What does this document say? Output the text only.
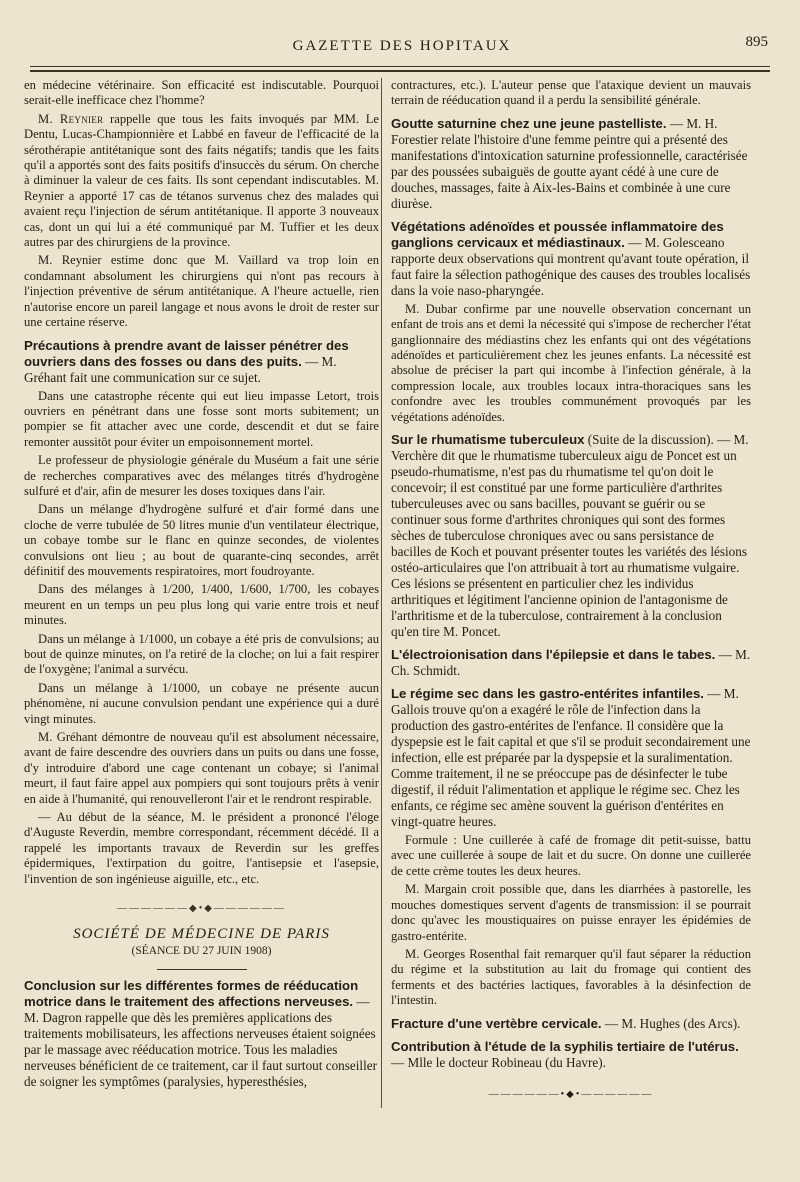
GAZETTE DES HOPITAUX	895

en médecine vétérinaire. Son efficacité est indiscutable. Pourquoi serait-elle inefficace chez l'homme?

M. Reynier rappelle que tous les faits invoqués par MM. Le Dentu, Lucas-Championnière et Labbé en faveur de l'efficacité de la sérothérapie antitétanique sont des faits négatifs; tandis que les faits qu'il a apportés sont des faits positifs d'insuccès du sérum. On cherche à diminuer la valeur de ces faits. Ils sont cependant indiscutables. M. Reynier a apporté 17 cas de tétanos survenus chez des malades qui avaient reçu l'injection de sérum antitétanique. Il apporte 3 nouveaux cas, dont un qui lui a été communiqué par M. Tuffier et les deux autres par des chirurgiens de la province.

M. Reynier estime donc que M. Vaillard va trop loin en condamnant absolument les chirurgiens qui n'ont pas recours à l'injection préventive de sérum antitétanique. A l'heure actuelle, rien n'autorise encore un pareil langage et nous avons le droit de rester sur une certaine réserve.

Précautions à prendre avant de laisser pénétrer des ouvriers dans des fosses ou dans des puits. — M. Gréhant fait une communication sur ce sujet.

Dans une catastrophe récente qui eut lieu impasse Letort, trois ouvriers en pénétrant dans une fosse sont morts subitement; un pompier se fit attacher avec une corde, descendit et dut se faire remonter aussitôt pour éviter un empoisonnement mortel.

Le professeur de physiologie générale du Muséum a fait une série de recherches comparatives avec des mélanges titrés d'hydrogène sulfuré et d'air, afin de mesurer les doses toxiques dans l'air.

Dans un mélange d'hydrogène sulfuré et d'air formé dans une cloche de verre tubulée de 50 litres munie d'un ventilateur électrique, un cobaye tombe sur le flanc en quinze secondes, de violentes convulsions ont lieu ; au bout de quarante-cinq secondes, arrêt définitif des mouvements respiratoires, mort foudroyante.

Dans des mélanges à 1/200, 1/400, 1/600, 1/700, les cobayes meurent en un temps un peu plus long qui varie entre trois et neuf minutes.

Dans un mélange à 1/1000, un cobaye a été pris de convulsions; au bout de quinze minutes, on l'a retiré de la cloche; on lui a fait respirer de l'oxygène; l'animal a survécu.

Dans un mélange à 1/1000, un cobaye ne présente aucun phénomène, ni aucune convulsion pendant une expérience qui a duré vingt minutes.

M. Gréhant démontre de nouveau qu'il est absolument nécessaire, avant de faire descendre des ouvriers dans un puits ou dans une fosse, d'y introduire d'abord une cage contenant un cobaye; si l'animal meurt, il faut faire appel aux pompiers qui sont toujours prêts à venir en aide à l'humanité, qui renouvelleront l'air et le rendront respirable.

— Au début de la séance, M. le président a prononcé l'éloge d'Auguste Reverdin, membre correspondant, récemment décédé. Il a rappelé les importants travaux de Reverdin sur les greffes épidermiques, l'extirpation du goitre, l'antisepsie et l'asepsie, l'invention de son ingénieuse aiguille, etc., etc.

——————◆•◆——————
SOCIÉTÉ DE MÉDECINE DE PARIS
(SÉANCE DU 27 JUIN 1908)
Conclusion sur les différentes formes de rééducation motrice dans le traitement des affections nerveuses. — M. Dagron rappelle que dès les premières applications des traitements mobilisateurs, les affections nerveuses étaient soignées par le massage avec rééducation motrice. Tous les maladies nerveuses bénéficient de ce traitement, car il faut surtout conseiller de soigner les symptômes (paralysies, hyperesthésies,

contractures, etc.). L'auteur pense que l'ataxique devient un mauvais terrain de rééducation quand il a perdu la sensibilité générale.

Goutte saturnine chez une jeune pastelliste. — M. H. Forestier relate l'histoire d'une femme peintre qui a présenté des manifestations d'intoxication saturnine professionnelle, caractérisée par des poussées subaiguës de goutte ayant cédé à une cure de douches, massages, faite à Aix-les-Bains et combinée à une cure diurèse.
Végétations adénoïdes et poussée inflammatoire des ganglions cervicaux et médiastinaux. — M. Golesceano rapporte deux observations qui montrent qu'avant toute opération, il faut faire la sélection pathogénique des causes des troubles localisés dans la voie naso-pharyngée.

M. Dubar confirme par une nouvelle observation concernant un enfant de trois ans et demi la nécessité qui s'impose de rechercher l'état ganglionnaire des médiastins chez les enfants qui ont des végétations adénoïdes et particulièrement chez les jeunes enfants. La nécessité est absolue de préciser la part qui incombe à l'infection générale, à la compression locale, aux troubles locaux intra-thoraciques sans les confondre avec les troubles communément provoqués par les végétations adénoïdes.

Sur le rhumatisme tuberculeux (Suite de la discussion). — M. Verchère dit que le rhumatisme tuberculeux aigu de Poncet est un pseudo-rhumatisme, n'est pas du rhumatisme tel qu'on doit le concevoir; il est constitué par une forme particulière d'arthrites tuberculeuses avec ou sans bacilles, pouvant se guérir ou se continuer sous forme d'arthrites chroniques qui sont des formes sèches de tuberculose chroniques avec ou sans persistance de bacilles de Koch et pouvant présenter toutes les variétés des lésions ostéo-articulaires que l'on attribuait à tort au rhumatisme vulgaire. Ces lésions se présentent en particulier chez les individus arthritiques et légitiment l'ancienne opinion de l'antagonisme de l'arthritisme et de la tuberculose, contrairement à la conclusion qu'en tire M. Poncet.
L'électroionisation dans l'épilepsie et dans le tabes. — M. Ch. Schmidt.
Le régime sec dans les gastro-entérites infantiles. — M. Gallois trouve qu'on a exagéré le rôle de l'infection dans la production des gastro-entérites de l'enfance. Il considère que la dyspepsie est le fait capital et que s'il se produit secondairement une infection, elle est préparée par la dyspepsie et la suralimentation. Comme traitement, il ne se préoccupe pas de désinfecter le tube digestif, il réduit l'alimentation et applique le régime sec. Chez les enfants, ce régime sec amène souvent la guérison d'entérites en vingt-quatre heures.

Formule : Une cuillerée à café de fromage dit petit-suisse, battu avec une cuillerée à soupe de lait et du sucre. On donne une cuillerée de cette crème toutes les deux heures.

M. Margain croit possible que, dans les diarrhées à pastorelle, les mouches domestiques servent d'agents de transmission: il se pourrait donc qu'avec les moustiquaires on puisse enrayer les épidémies de gastro-entérite.

M. Georges Rosenthal fait remarquer qu'il faut séparer la réduction du régime et la substitution au lait du fromage qui contient des ferments et des bactéries lactiques, favorables à la désinfection de l'intestin.

Fracture d'une vertèbre cervicale. — M. Hughes (des Arcs).
Contribution à l'étude de la syphilis tertiaire de l'utérus. — Mlle le docteur Robineau (du Havre).
——————•◆•——————
